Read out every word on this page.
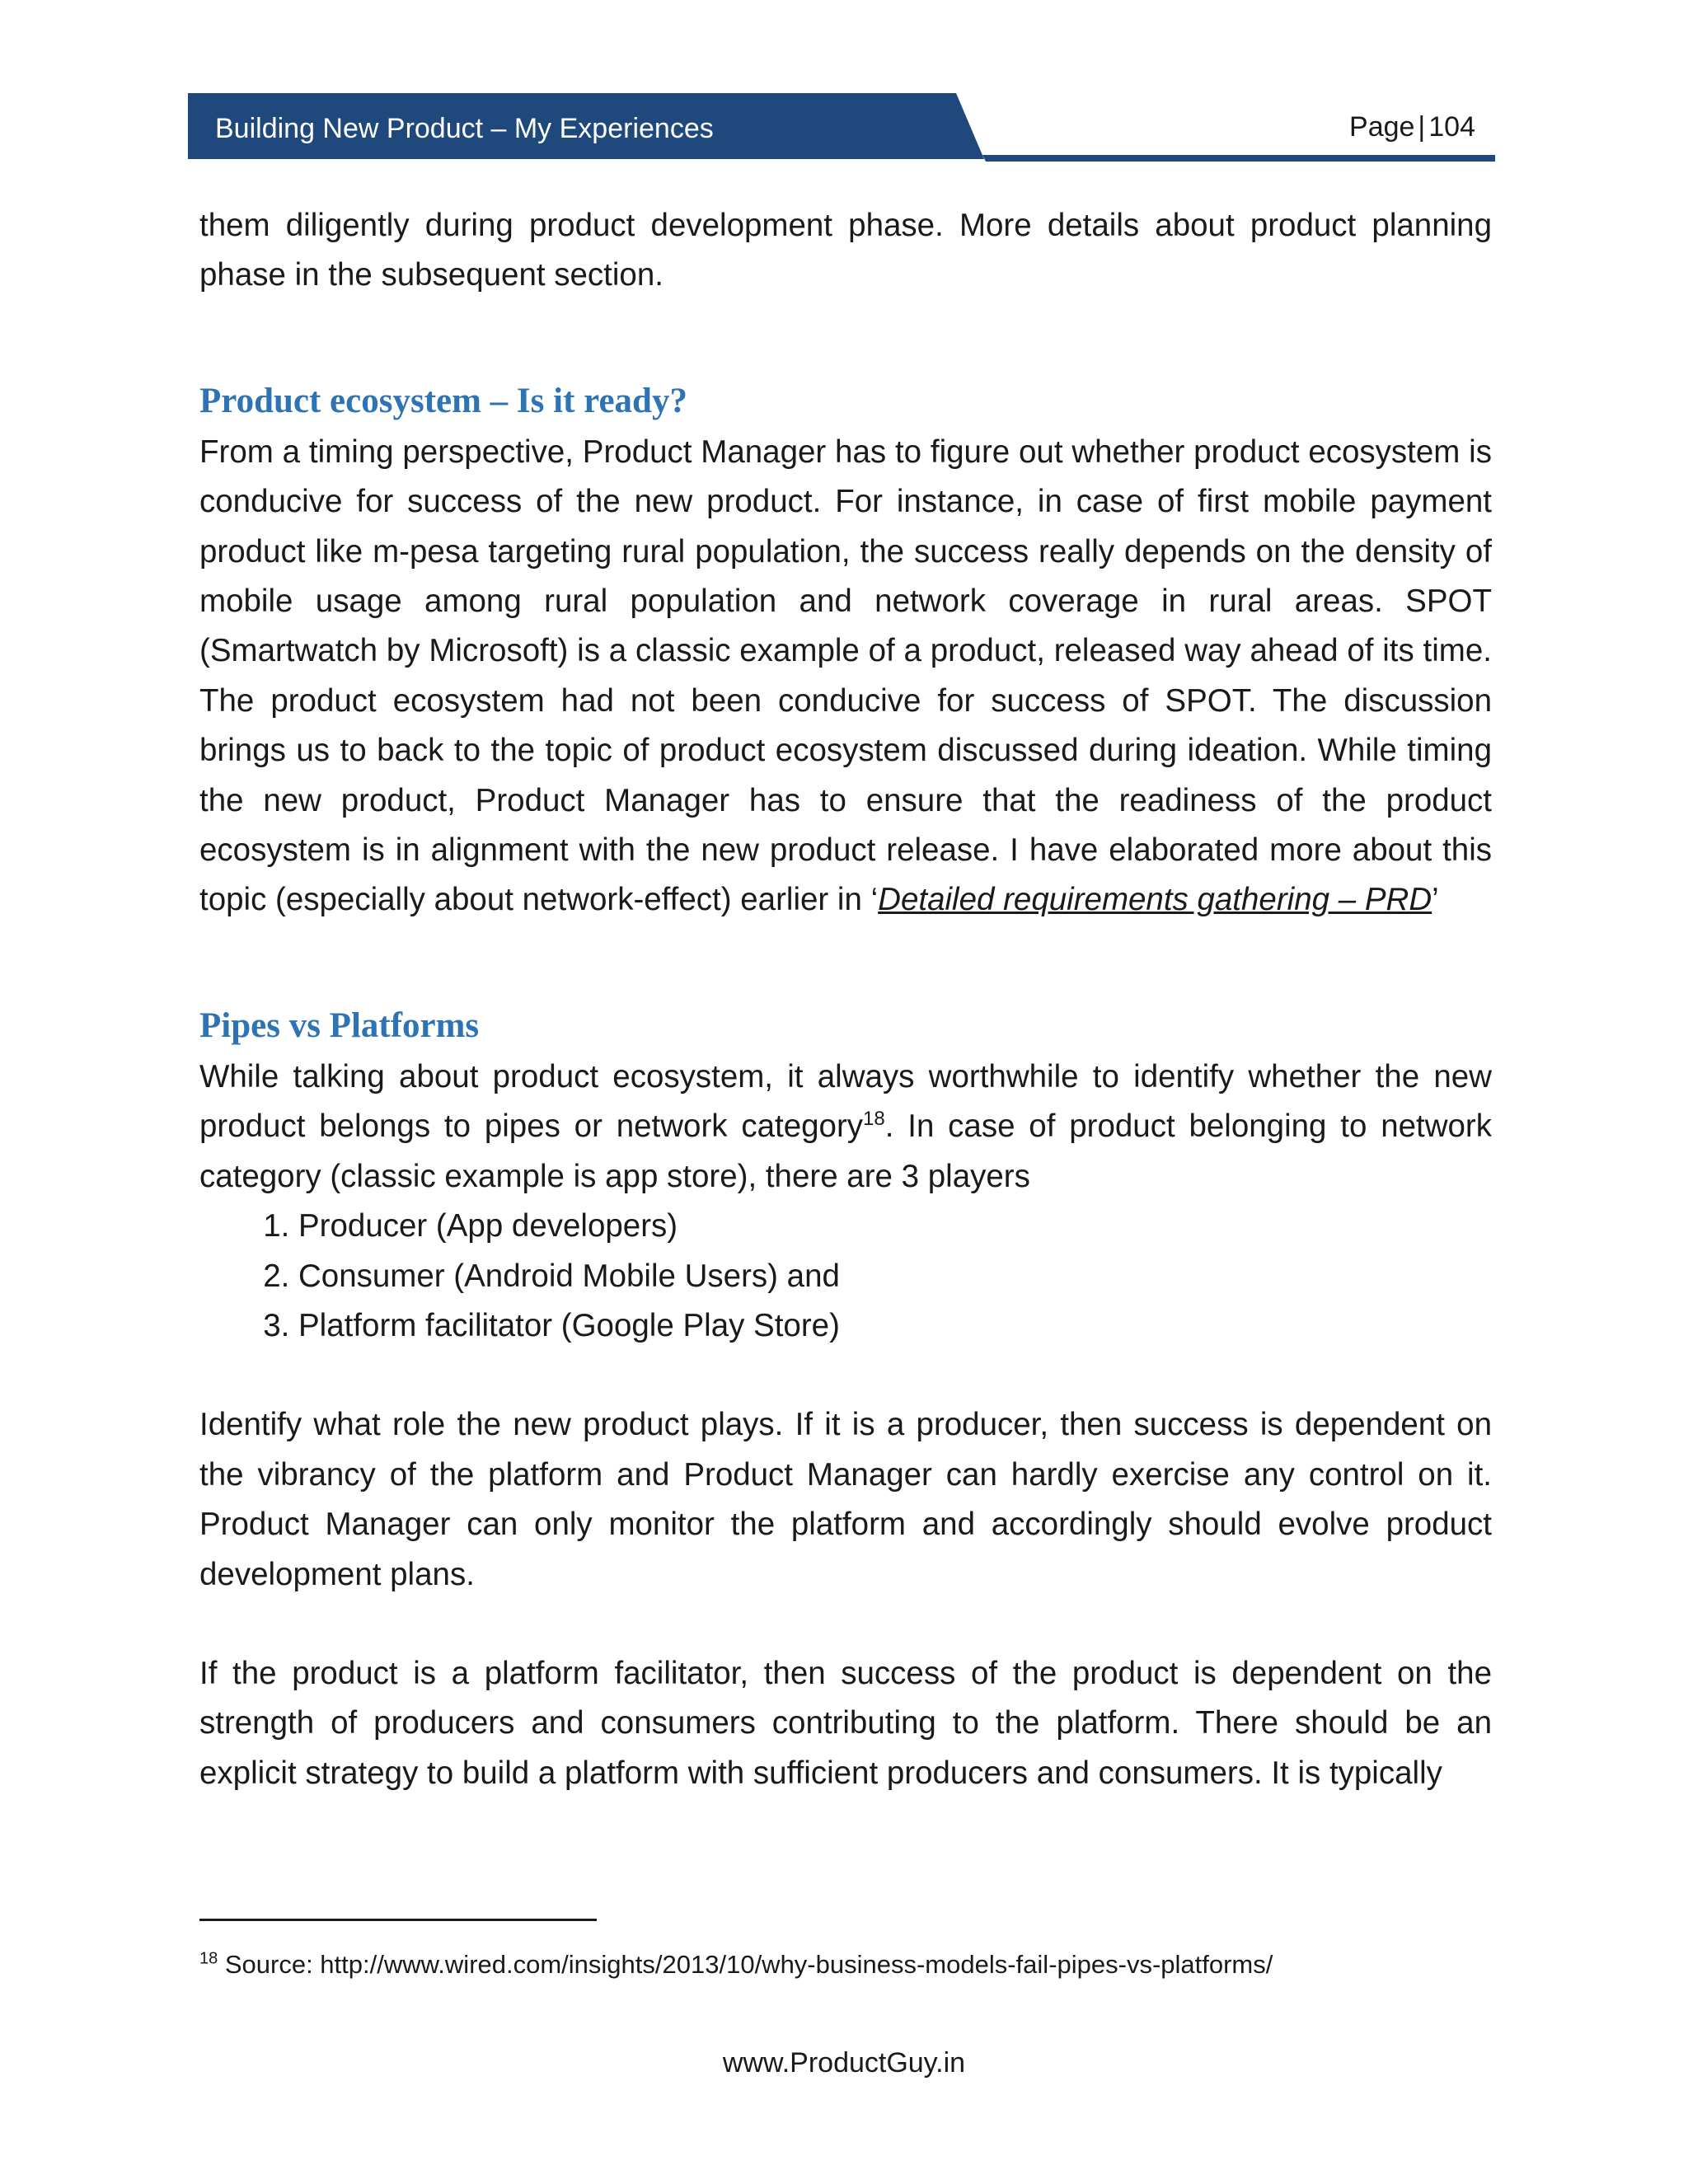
Building New Product – My Experiences	Page | 104

them diligently during product development phase. More details about product planning phase in the subsequent section.

Product ecosystem – Is it ready?

From a timing perspective, Product Manager has to figure out whether product ecosystem is conducive for success of the new product. For instance, in case of first mobile payment product like m-pesa targeting rural population, the success really depends on the density of mobile usage among rural population and network coverage in rural areas. SPOT (Smartwatch by Microsoft) is a classic example of a product, released way ahead of its time. The product ecosystem had not been conducive for success of SPOT. The discussion brings us to back to the topic of product ecosystem discussed during ideation. While timing the new product, Product Manager has to ensure that the readiness of the product ecosystem is in alignment with the new product release. I have elaborated more about this topic (especially about network-effect) earlier in ‘Detailed requirements gathering – PRD’

Pipes vs Platforms

While talking about product ecosystem, it always worthwhile to identify whether the new product belongs to pipes or network category$^{18}$. In case of product belonging to network category (classic example is app store), there are 3 players

1. Producer (App developers)
2. Consumer (Android Mobile Users) and
3. Platform facilitator (Google Play Store)

Identify what role the new product plays. If it is a producer, then success is dependent on the vibrancy of the platform and Product Manager can hardly exercise any control on it. Product Manager can only monitor the platform and accordingly should evolve product development plans.

If the product is a platform facilitator, then success of the product is dependent on the strength of producers and consumers contributing to the platform. There should be an explicit strategy to build a platform with sufficient producers and consumers. It is typically

$^{18}$ Source: http://www.wired.com/insights/2013/10/why-business-models-fail-pipes-vs-platforms/
www.ProductGuy.in
